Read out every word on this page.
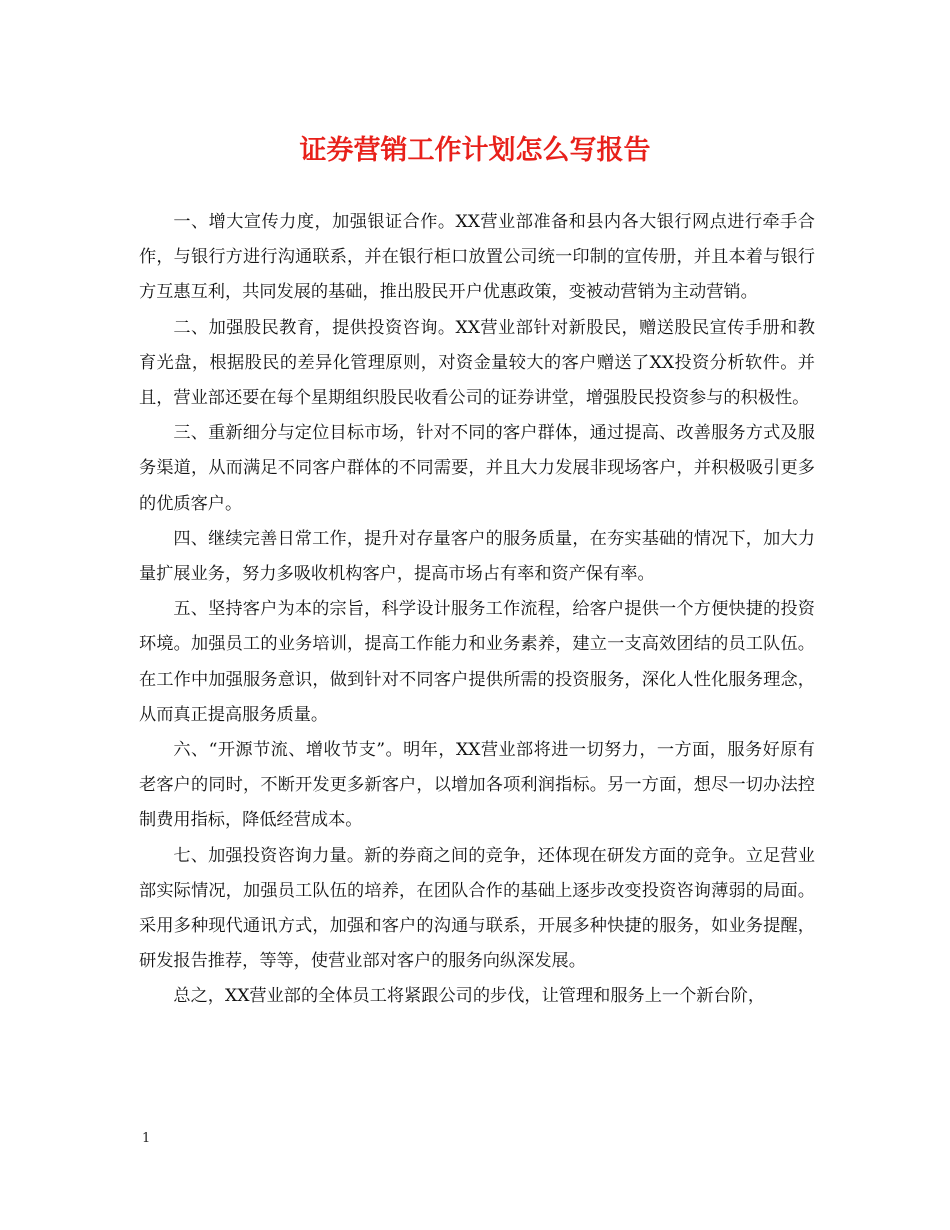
证券营销工作计划怎么写报告

一、增大宣传力度，加强银证合作。XX营业部准备和县内各大银行网点进行牵手合作，与银行方进行沟通联系，并在银行柜口放置公司统一印制的宣传册，并且本着与银行方互惠互利，共同发展的基础，推出股民开户优惠政策，变被动营销为主动营销。

二、加强股民教育，提供投资咨询。XX营业部针对新股民，赠送股民宣传手册和教育光盘，根据股民的差异化管理原则，对资金量较大的客户赠送了XX投资分析软件。并且，营业部还要在每个星期组织股民收看公司的证券讲堂，增强股民投资参与的积极性。

三、重新细分与定位目标市场，针对不同的客户群体，通过提高、改善服务方式及服务渠道，从而满足不同客户群体的不同需要，并且大力发展非现场客户，并积极吸引更多的优质客户。

四、继续完善日常工作，提升对存量客户的服务质量，在夯实基础的情况下，加大力量扩展业务，努力多吸收机构客户，提高市场占有率和资产保有率。

五、坚持客户为本的宗旨，科学设计服务工作流程，给客户提供一个方便快捷的投资环境。加强员工的业务培训，提高工作能力和业务素养，建立一支高效团结的员工队伍。在工作中加强服务意识，做到针对不同客户提供所需的投资服务，深化人性化服务理念，从而真正提高服务质量。

六、“开源节流、增收节支”。明年，XX营业部将进一切努力，一方面，服务好原有老客户的同时，不断开发更多新客户，以增加各项利润指标。另一方面，想尽一切办法控制费用指标，降低经营成本。

七、加强投资咨询力量。新的券商之间的竞争，还体现在研发方面的竞争。立足营业部实际情况，加强员工队伍的培养，在团队合作的基础上逐步改变投资咨询薄弱的局面。采用多种现代通讯方式，加强和客户的沟通与联系，开展多种快捷的服务，如业务提醒，研发报告推荐，等等，使营业部对客户的服务向纵深发展。

总之，XX营业部的全体员工将紧跟公司的步伐，让管理和服务上一个新台阶，

1
